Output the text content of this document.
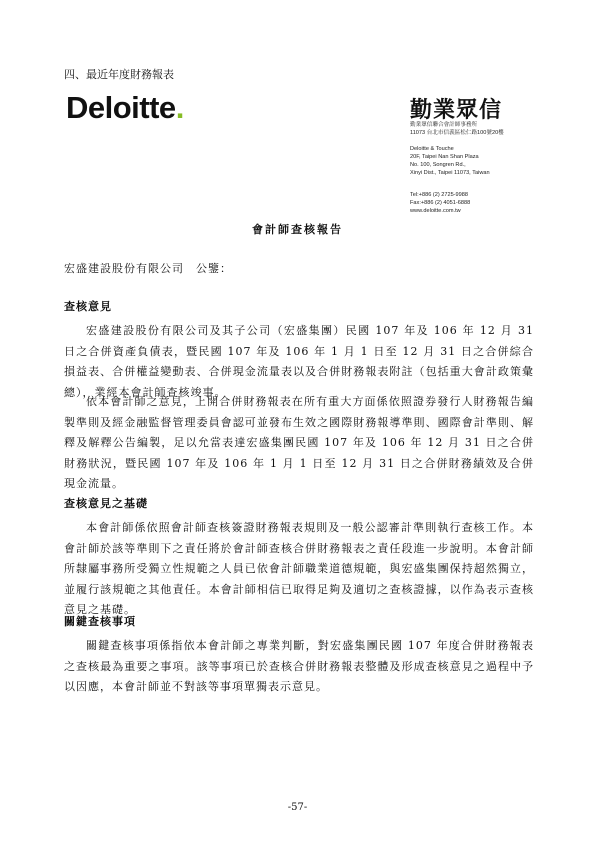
四、最近年度財務報表
Deloitte.	勤業眾信
勤業眾信聯合會計師事務所
11073 台北市信義區松仁路100號20樓
Deloitte & Touche
20F, Taipei Nan Shan Plaza
No. 100, Songren Rd.,
Xinyi Dist., Taipei 11073, Taiwan
Tel:+886 (2) 2725-9988
Fax:+886 (2) 4051-6888
www.deloitte.com.tw
會計師查核報告
宏盛建設股份有限公司　公鑒：
查核意見
宏盛建設股份有限公司及其子公司（宏盛集團）民國 107 年及 106 年 12 月 31 日之合併資產負債表，暨民國 107 年及 106 年 1 月 1 日至 12 月 31 日之合併綜合損益表、合併權益變動表、合併現金流量表以及合併財務報表附註（包括重大會計政策彙總），業經本會計師查核竣事。
依本會計師之意見，上開合併財務報表在所有重大方面係依照證券發行人財務報告編製準則及經金融監督管理委員會認可並發布生效之國際財務報導準則、國際會計準則、解釋及解釋公告編製，足以允當表達宏盛集團民國 107 年及 106 年 12 月 31 日之合併財務狀況，暨民國 107 年及 106 年 1 月 1 日至 12 月 31 日之合併財務績效及合併現金流量。
查核意見之基礎
本會計師係依照會計師查核簽證財務報表規則及一般公認審計準則執行查核工作。本會計師於該等準則下之責任將於會計師查核合併財務報表之責任段進一步說明。本會計師所隸屬事務所受獨立性規範之人員已依會計師職業道德規範，與宏盛集團保持超然獨立，並履行該規範之其他責任。本會計師相信已取得足夠及適切之查核證據，以作為表示查核意見之基礎。
關鍵查核事項
關鍵查核事項係指依本會計師之專業判斷，對宏盛集團民國 107 年度合併財務報表之查核最為重要之事項。該等事項已於查核合併財務報表整體及形成查核意見之過程中予以因應，本會計師並不對該等事項單獨表示意見。
-57-
